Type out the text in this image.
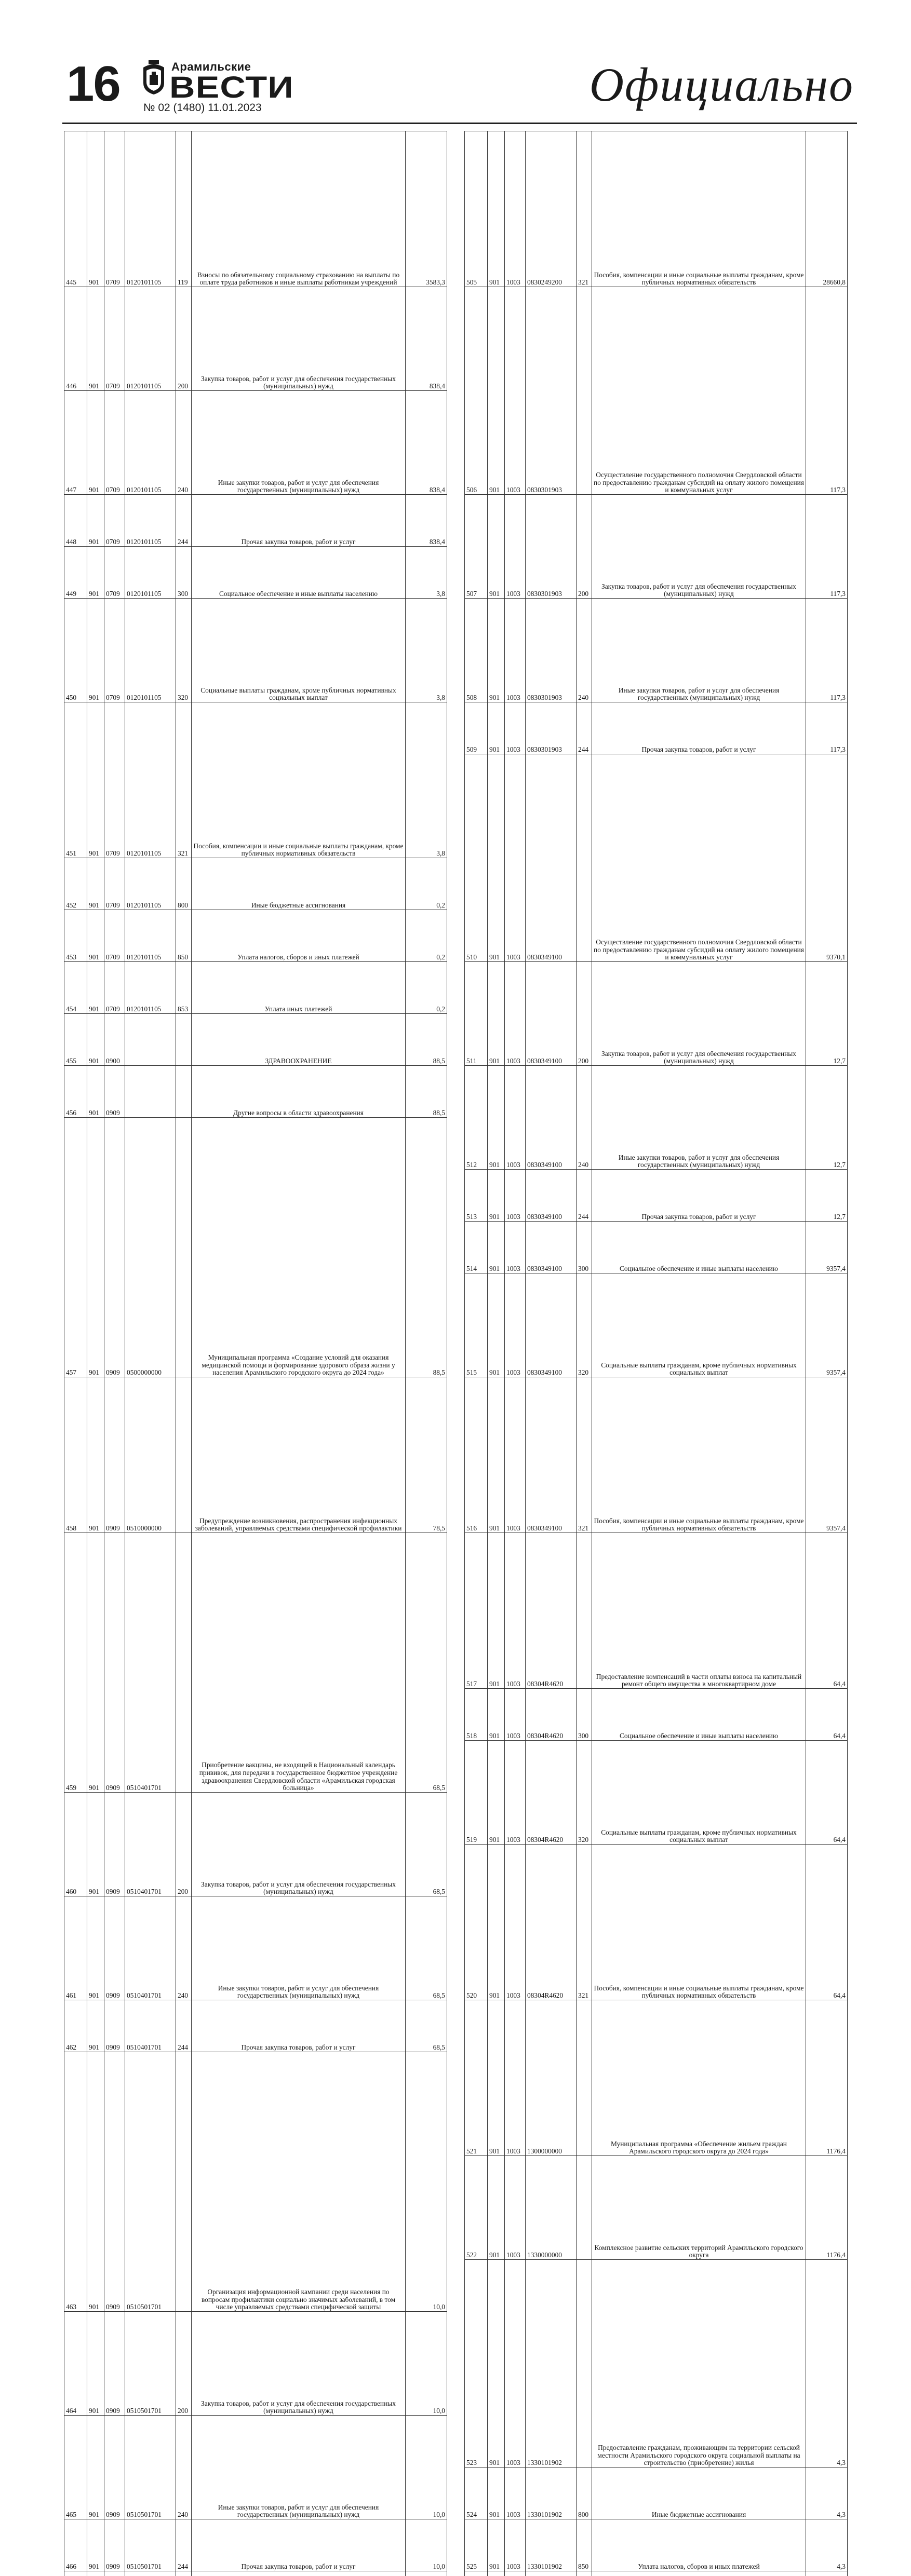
16	Арамильские
ВЕСТИ
№ 02 (1480) 11.01.2023	Официально
445	901	0709	0120101105	119	Взносы по обязательному социальному страхованию на выплаты по оплате труда работников и иные выплаты работникам учреждений	3583,3
446	901	0709	0120101105	200	Закупка товаров, работ и услуг для обеспечения государственных (муниципальных) нужд	838,4
447	901	0709	0120101105	240	Иные закупки товаров, работ и услуг для обеспечения государственных (муниципальных) нужд	838,4
448	901	0709	0120101105	244	Прочая закупка товаров, работ и услуг	838,4
449	901	0709	0120101105	300	Социальное обеспечение и иные выплаты населению	3,8
450	901	0709	0120101105	320	Социальные выплаты гражданам, кроме публичных нормативных социальных выплат	3,8
451	901	0709	0120101105	321	Пособия, компенсации и иные социальные выплаты гражданам, кроме публичных нормативных обязательств	3,8
452	901	0709	0120101105	800	Иные бюджетные ассигнования	0,2
453	901	0709	0120101105	850	Уплата налогов, сборов и иных платежей	0,2
454	901	0709	0120101105	853	Уплата иных платежей	0,2
455	901	0900			ЗДРАВООХРАНЕНИЕ	88,5
456	901	0909			Другие вопросы в области здравоохранения	88,5
457	901	0909	0500000000		Муниципальная программа «Создание условий для оказания медицинской помощи и формирование здорового образа жизни у населения Арамильского городского округа до 2024 года»	88,5
458	901	0909	0510000000		Предупреждение возникновения, распространения инфекционных заболеваний, управляемых средствами специфической профилактики	78,5
459	901	0909	0510401701		Приобретение вакцины, не входящей в Национальный календарь прививок, для передачи в государственное бюджетное учреждение здравоохранения Свердловской области «Арамильская городская больница»	68,5
460	901	0909	0510401701	200	Закупка товаров, работ и услуг для обеспечения государственных (муниципальных) нужд	68,5
461	901	0909	0510401701	240	Иные закупки товаров, работ и услуг для обеспечения государственных (муниципальных) нужд	68,5
462	901	0909	0510401701	244	Прочая закупка товаров, работ и услуг	68,5
463	901	0909	0510501701		Организация информационной кампании среди населения по вопросам профилактики социально значимых заболеваний, в том числе управляемых средствами специфической защиты	10,0
464	901	0909	0510501701	200	Закупка товаров, работ и услуг для обеспечения государственных (муниципальных) нужд	10,0
465	901	0909	0510501701	240	Иные закупки товаров, работ и услуг для обеспечения государственных (муниципальных) нужд	10,0
466	901	0909	0510501701	244	Прочая закупка товаров, работ и услуг	10,0

505	901	1003	0830249200	321	Пособия, компенсации и иные социальные выплаты гражданам, кроме публичных нормативных обязательств	28660,8
506	901	1003	0830301903		Осуществление государственного полномочия Свердловской области по предоставлению гражданам субсидий на оплату жилого помещения и коммунальных услуг	117,3
507	901	1003	0830301903	200	Закупка товаров, работ и услуг для обеспечения государственных (муниципальных) нужд	117,3
508	901	1003	0830301903	240	Иные закупки товаров, работ и услуг для обеспечения государственных (муниципальных) нужд	117,3
509	901	1003	0830301903	244	Прочая закупка товаров, работ и услуг	117,3
510	901	1003	0830349100		Осуществление государственного полномочия Свердловской области по предоставлению гражданам субсидий на оплату жилого помещения и коммунальных услуг	9370,1
511	901	1003	0830349100	200	Закупка товаров, работ и услуг для обеспечения государственных (муниципальных) нужд	12,7
512	901	1003	0830349100	240	Иные закупки товаров, работ и услуг для обеспечения государственных (муниципальных) нужд	12,7
513	901	1003	0830349100	244	Прочая закупка товаров, работ и услуг	12,7
514	901	1003	0830349100	300	Социальное обеспечение и иные выплаты населению	9357,4
515	901	1003	0830349100	320	Социальные выплаты гражданам, кроме публичных нормативных социальных выплат	9357,4
516	901	1003	0830349100	321	Пособия, компенсации и иные социальные выплаты гражданам, кроме публичных нормативных обязательств	9357,4
517	901	1003	08304R4620		Предоставление компенсаций в части оплаты взноса на капитальный ремонт общего имущества в многоквартирном доме	64,4
518	901	1003	08304R4620	300	Социальное обеспечение и иные выплаты населению	64,4
519	901	1003	08304R4620	320	Социальные выплаты гражданам, кроме публичных нормативных социальных выплат	64,4
520	901	1003	08304R4620	321	Пособия, компенсации и иные социальные выплаты гражданам, кроме публичных нормативных обязательств	64,4
521	901	1003	1300000000		Муниципальная программа «Обеспечение жильем граждан Арамильского городского округа до 2024 года»	1176,4
522	901	1003	1330000000		Комплексное развитие сельских территорий Арамильского городского округа	1176,4
523	901	1003	1330101902		Предоставление гражданам, проживающим на территории сельской местности Арамильского городского округа социальной выплаты на строительство (приобретение) жилья	4,3
524	901	1003	1330101902	800	Иные бюджетные ассигнования	4,3
525	901	1003	1330101902	850	Уплата налогов, сборов и иных платежей	4,3
